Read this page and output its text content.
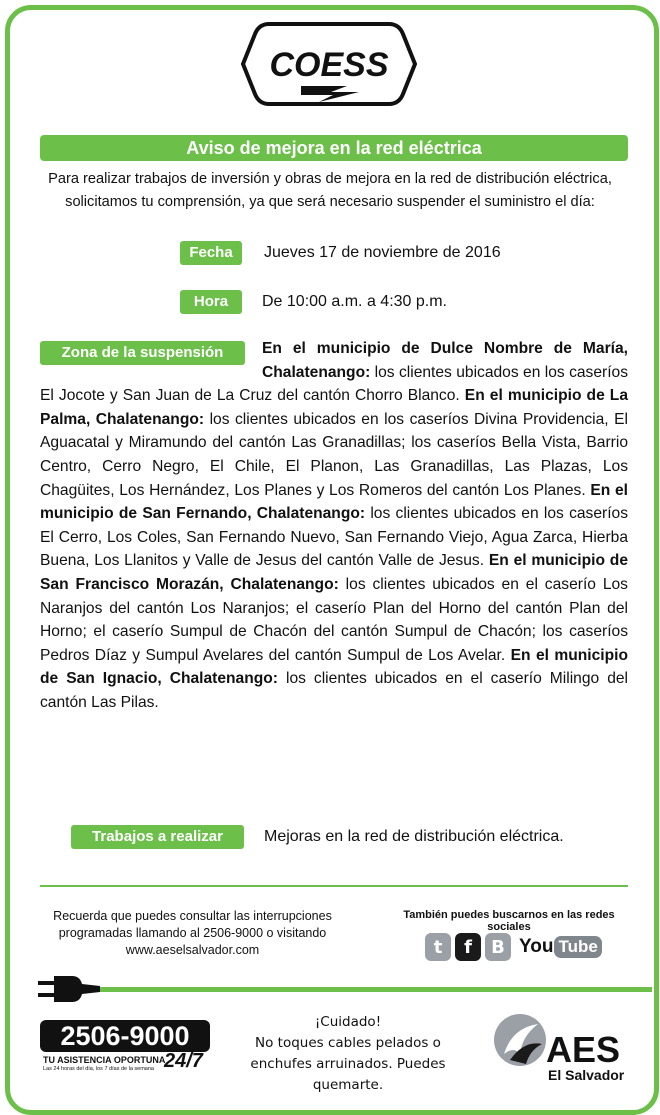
COESS
Aviso de mejora en la red eléctrica
Para realizar trabajos de inversión y obras de mejora en la red de distribución eléctrica, solicitamos tu comprensión, ya que será necesario suspender el suministro el día:
Fecha	Jueves 17 de noviembre de 2016
Hora	De 10:00 a.m. a 4:30 p.m.
Zona de la suspensión	En el municipio de Dulce Nombre de María, Chalatenango: los clientes ubicados en los caseríos El Jocote y San Juan de La Cruz del cantón Chorro Blanco. En el municipio de La Palma, Chalatenango: los clientes ubicados en los caseríos Divina Providencia, El Aguacatal y Miramundo del cantón Las Granadillas; los caseríos Bella Vista, Barrio Centro, Cerro Negro, El Chile, El Planon, Las Granadillas, Las Plazas, Los Chagüites, Los Hernández, Los Planes y Los Romeros del cantón Los Planes. En el municipio de San Fernando, Chalatenango: los clientes ubicados en los caseríos El Cerro, Los Coles, San Fernando Nuevo, San Fernando Viejo, Agua Zarca, Hierba Buena, Los Llanitos y Valle de Jesus del cantón Valle de Jesus. En el municipio de San Francisco Morazán, Chalatenango: los clientes ubicados en el caserío Los Naranjos del cantón Los Naranjos; el caserío Plan del Horno del cantón Plan del Horno; el caserío Sumpul de Chacón del cantón Sumpul de Chacón; los caseríos Pedros Díaz y Sumpul Avelares del cantón Sumpul de Los Avelar. En el municipio de San Ignacio, Chalatenango: los clientes ubicados en el caserío Milingo del cantón Las Pilas.
Trabajos a realizar	Mejoras en la red de distribución eléctrica.
Recuerda que puedes consultar las interrupciones
programadas llamando al 2506-9000 o visitando
www.aeselsalvador.com
También puedes buscarnos en las redes sociales
t	f	B You Tube
2506-9000
TU ASISTENCIA OPORTUNA
24/7
Las 24 horas del día, los 7 días de la semana
¡Cuidado!
No toques cables pelados o enchufes arruinados. Puedes quemarte.
AES
El Salvador
